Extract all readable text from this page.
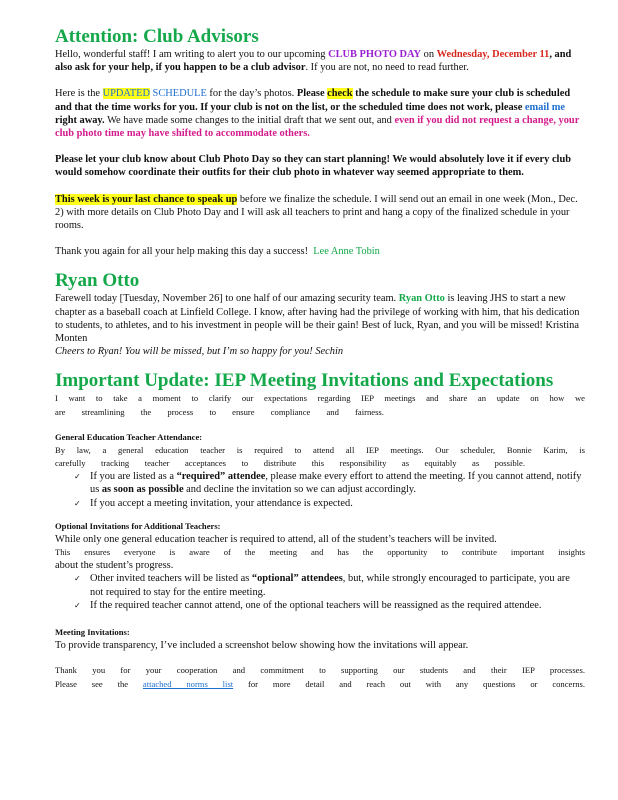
Attention: Club Advisors

Hello, wonderful staff! I am writing to alert you to our upcoming CLUB PHOTO DAY on Wednesday, December 11, and also ask for your help, if you happen to be a club advisor. If you are not, no need to read further.

Here is the UPDATED SCHEDULE for the day’s photos. Please check the schedule to make sure your club is scheduled and that the time works for you. If your club is not on the list, or the scheduled time does not work, please email me right away. We have made some changes to the initial draft that we sent out, and even if you did not request a change, your club photo time may have shifted to accommodate others.

Please let your club know about Club Photo Day so they can start planning! We would absolutely love it if every club would somehow coordinate their outfits for their club photo in whatever way seemed appropriate to them.

This week is your last chance to speak up before we finalize the schedule. I will send out an email in one week (Mon., Dec. 2) with more details on Club Photo Day and I will ask all teachers to print and hang a copy of the finalized schedule in your rooms.

Thank you again for all your help making this day a success! Lee Anne Tobin

Ryan Otto

Farewell today [Tuesday, November 26] to one half of our amazing security team. Ryan Otto is leaving JHS to start a new chapter as a baseball coach at Linfield College. I know, after having had the privilege of working with him, that his dedication to students, to athletes, and to his investment in people will be their gain! Best of luck, Ryan, and you will be missed! Kristina Monten

Cheers to Ryan! You will be missed, but I’m so happy for you! Sechin

Important Update: IEP Meeting Invitations and Expectations

I want to take a moment to clarify our expectations regarding IEP meetings and share an update on how we

are streamlining the process to ensure compliance and fairness.

General Education Teacher Attendance:

By law, a general education teacher is required to attend all IEP meetings. Our scheduler, Bonnie Karim, is

carefully tracking teacher acceptances to distribute this responsibility as equitably as possible.

✓ If you are listed as a “required” attendee, please make every effort to attend the meeting. If you cannot attend, notify us as soon as possible and decline the invitation so we can adjust accordingly.
✓ If you accept a meeting invitation, your attendance is expected.

Optional Invitations for Additional Teachers:

While only one general education teacher is required to attend, all of the student’s teachers will be invited.

This ensures everyone is aware of the meeting and has the opportunity to contribute important insights

about the student’s progress.

✓ Other invited teachers will be listed as “optional” attendees, but, while strongly encouraged to participate, you are not required to stay for the entire meeting.
✓ If the required teacher cannot attend, one of the optional teachers will be reassigned as the required attendee.

Meeting Invitations:

To provide transparency, I’ve included a screenshot below showing how the invitations will appear.

Thank you for your cooperation and commitment to supporting our students and their IEP processes.

Please see the attached norms list for more detail and reach out with any questions or concerns.
